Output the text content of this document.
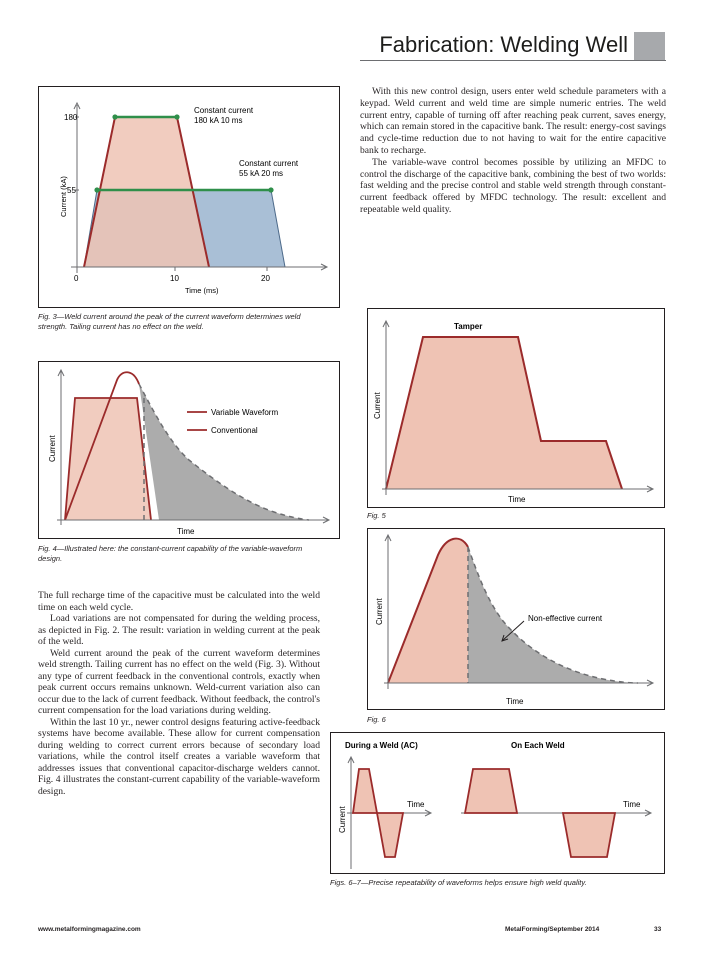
Fabrication: Welding Well
180
55
0	10	20
Time (ms)
Current (kA)
Constant current
180 kA 10 ms
Constant current
55 kA 20 ms
Fig. 3—Weld current around the peak of the current waveform determines weld strength. Tailing current has no effect on the weld.
Variable Waveform
Conventional
Time
Current
Fig. 4—Illustrated here: the constant-current capability of the variable-waveform design.
Tamper
Time
Current
Fig. 5
Non-effective current
Time
Current
Fig. 6
During a Weld (AC)	On Each Weld
Time
Current
Time
Figs. 6–7—Precise repeatability of waveforms helps ensure high weld quality.

With this new control design, users enter weld schedule parameters with a keypad. Weld current and weld time are simple numeric entries. The weld current entry, capable of turning off after reaching peak current, saves energy, which can remain stored in the capacitive bank. The result: energy-cost savings and cycle-time reduction due to not having to wait for the entire capacitive bank to recharge.

The variable-wave control becomes possible by utilizing an MFDC to control the discharge of the capacitive bank, combining the best of two worlds: fast welding and the precise control and stable weld strength through constant-current feedback offered by MFDC technology. The result: excellent and repeatable weld quality.

The full recharge time of the capacitive must be calculated into the weld time on each weld cycle.

Load variations are not compensated for during the welding process, as depicted in Fig. 2. The result: variation in welding current at the peak of the weld.

Weld current around the peak of the current waveform determines weld strength. Tailing current has no effect on the weld (Fig. 3). Without any type of current feedback in the conventional controls, exactly when peak current occurs remains unknown. Weld-current variation also can occur due to the lack of current feedback. Without feedback, the control's current compensation for the load variations during welding.

Within the last 10 yr., newer control designs featuring active-feedback systems have become available. These allow for current compensation during welding to correct current errors because of secondary load variations, while the control itself creates a variable waveform that addresses issues that conventional capacitor-discharge welders cannot. Fig. 4 illustrates the constant-current capability of the variable-waveform design.

www.metalformingmagazine.com	MetalForming/September 2014	33
